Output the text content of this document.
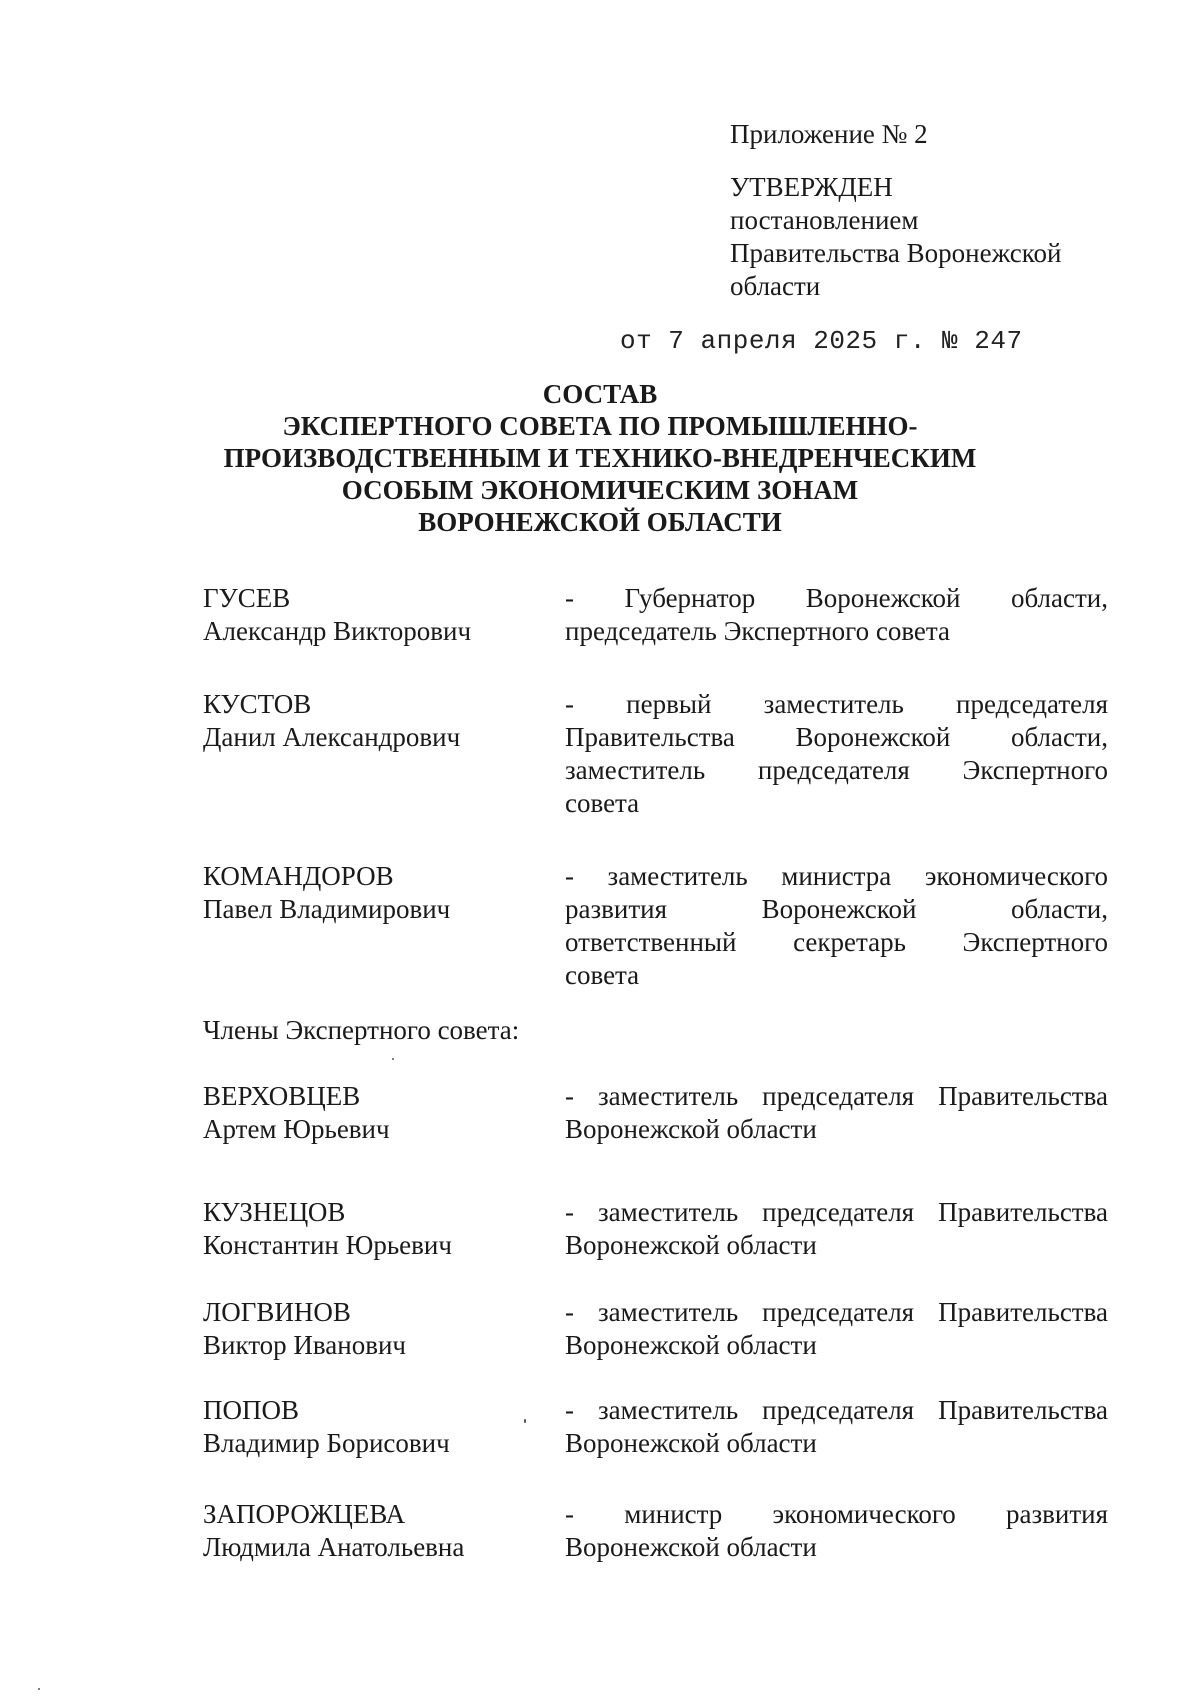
Приложение № 2
УТВЕРЖДЕН
постановлением
Правительства Воронежской
области
от 7 апреля 2025 г. № 247
СОСТАВ
ЭКСПЕРТНОГО СОВЕТА ПО ПРОМЫШЛЕННО-
ПРОИЗВОДСТВЕННЫМ И ТЕХНИКО-ВНЕДРЕНЧЕСКИМ
ОСОБЫМ ЭКОНОМИЧЕСКИМ ЗОНАМ
ВОРОНЕЖСКОЙ ОБЛАСТИ
ГУСЕВ
Александр Викторович
- Губернатор Воронежской области,
председатель Экспертного совета
КУСТОВ
Данил Александрович
- первый заместитель председателя
Правительства Воронежской области,
заместитель председателя Экспертного
совета
КОМАНДОРОВ
Павел Владимирович
- заместитель министра экономического
развития Воронежской области,
ответственный секретарь Экспертного
совета
Члены Экспертного совета:
ВЕРХОВЦЕВ
Артем Юрьевич
- заместитель председателя Правительства
Воронежской области
КУЗНЕЦОВ
Константин Юрьевич
- заместитель председателя Правительства
Воронежской области
ЛОГВИНОВ
Виктор Иванович
- заместитель председателя Правительства
Воронежской области
ПОПОВ
Владимир Борисович
- заместитель председателя Правительства
Воронежской области
ЗАПОРОЖЦЕВА
Людмила Анатольевна
- министр экономического развития
Воронежской области
